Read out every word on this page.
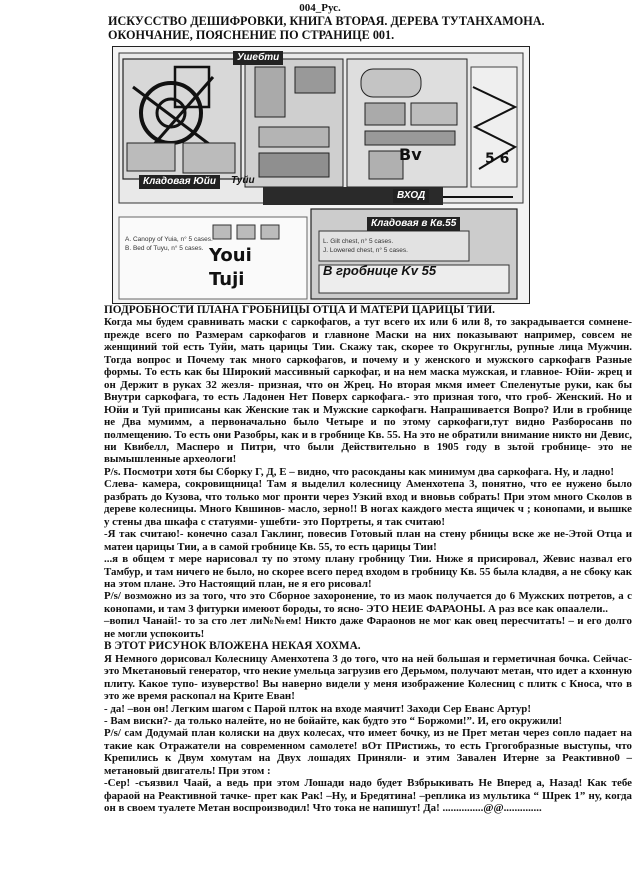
004_Рус.
ИСКУССТВО ДЕШИФРОВКИ, КНИГА ВТОРАЯ. ДЕРЕВА ТУТАНХАМОНА.
ОКОНЧАНИЕ, ПОЯСНЕНИЕ ПО СТРАНИЦЕ 001.
Ушебти
Кладовая Юйи	Туйи
ВХОД
Кладовая в Кв.55
В гробнице Kv 55
A. Canopy of Yuia, n° 5 cases.
B. Bed of Tuyu, n° 5 cases.
L. Gilt chest, n° 5 cases.
J. Lowered chest, n° 5 cases.
Youi
Tuji
Bv	5 6

ПОДРОБНОСТИ ПЛАНА ГРОБНИЦЫ ОТЦА И МАТЕРИ ЦАРИЦЫ ТИИ.

Когда мы будем сравнивать маски с саркофагов, а тут всего их или 6 или 8, то закрадывается сомнене- прежде всего по Размерам саркофагов и главноне Маски на них показывают например, совсем не женщиний той есть Туйи, мать царицы Тии. Скажу так, скорее то Округнглы, рупные лица Мужчин. Тогда вопрос и Почему так много саркофагов, и почему и у женского и мужского саркофагв Разные формы. То есть как бы Широкий массивный саркофаг, и на нем маска мужская, и главное- Юйи- жрец и он Держит в руках 32 жезля- призная, что он Жрец. Но вторая мкмя имеет Спеленутые руки, как бы Внутри саркофага, то есть Ладонен Нет Поверх саркофага.- это призная того, что гроб- Женский. Но и Юйи и Туй приписаны как Женские так и Мужские саркофагн. Напрашивается Вопро? Или в гробнице не Два мумимм, а первоначально было Четыре и по этому саркофаги,тут видно Разборосанв по полмещению. То есть они Разобры, как и в гробнице Кв. 55. На это не обратили внимание никто ни Девис, ни Квибелл, Масперо и Питри, что были Действительно в 1905 году в зьтой гробнице- это не вымышленные археологи!

P/s. Посмотри хотя бы Сборку Г, Д, Е – видно, что расокданы как минимум два саркофага. Ну, и ладно!

Слева- камера, сокровищница! Там я выделил колесницу Аменхотепа 3, понятно, что ее нужено было разбрать до Кузова, что только мог пронти через Узкий вход и вновьв собрать! При этом много Сколов в дереве колесницы. Много Квшинов- масло, зерно!! В ногах каждого места ящичек ч ; конопами, и вышке у стены два шкафа с статуями- ушебти- это Портреты, я так считаю!

-Я так считаю!- конечно сазал Гаклинг, повесив Готовый план на стену рбницы вске же не-Этой Отца и матеи царицы Тии, а в самой гробнице Кв. 55, то есть царицы Тии!

...я в общем т мере нарисовал ту по этому плану гробницу Тии. Ниже я присировал, Жевис назвал его Тамбур, и там ничего не было, но скорее всего перед входом в гробницу Кв. 55 была кладвя, а не сбоку как на этом плане. Это Настоящий план, не я его рисовал!

P/s/ возможно из за того, что это Сборное захоронение, то из маок получается до 6 Мужских потретов, а с конопами, и там 3 фитурки имеюот бороды, то ясно- ЭТО НЕИЕ ФАРАОНЫ. А раз все как опаалели..

–вопил Чанай!- то за сто лет ли№№ем! Никто даже Фараонов не мог как овец пересчитать! – и его долго не могли успокоить!

В ЭТОТ РИСУНОК ВЛОЖЕНА НЕКАЯ ХОХМА.

Я Немного дорисовал Колесницу Аменхотепа 3 до того, что на ней большая и герметичная бочка. Сейчас- это Мкетановый генератор, что некие умельца загрузив его Дерьмом, получают метан, что идет а кхонную плиту. Какое тупо- изуверство! Вы наверно видели у меня изображение Колесниц с плитк с Кноса, что в это же время раскопал на Крите Еван!

- да! –вон он! Легким шагом с Парой плток на входе маячит! Заходи Сер Еванс Артур!

- Вам вискн?- да только налейте, но не бойайте, как будто это “ Боржоми!”. И, его окружили!

P/s/ сам Додумай план коляски на двух колесах, что имеет бочку, из не Прет метан через сопло падает на такие как Отражатели на современном самолете! вОт ПРистижь, то есть Гргогобразные выступы, что Крепились к Двум хомутам на Двух лошадях Приняли- и этим Завален Итерне за Реактивно0 – метановый двигатель! При этом :

-Сер! -съязвил Чаай, а ведь при этом Лошади надо будет Взбрыкивать Не Вперед а, Назад! Как тебе фараой на Реактивной тачке- прет как Рак! –Ну, и Бредятина! –реплика из мультика “ Шрек 1” ну, когда он в своем туалете Метан воспроизводил! Что тока не напишут! Да! ...............@@..............
